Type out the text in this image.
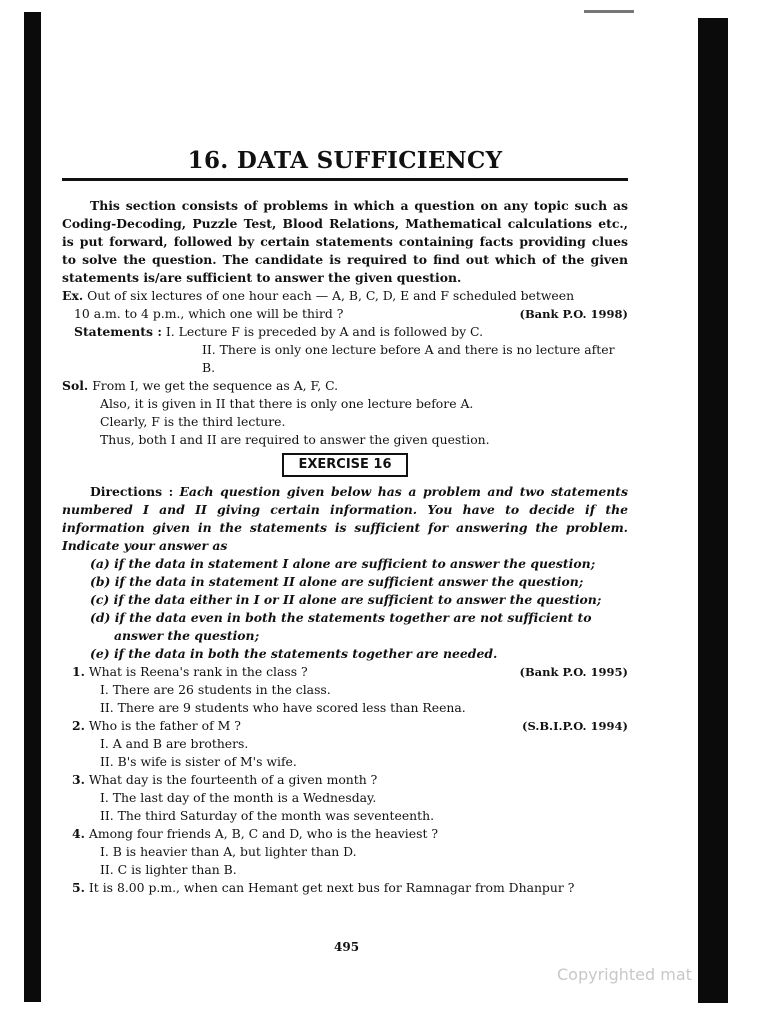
16. DATA SUFFICIENCY

This section consists of problems in which a question on any topic such as Coding-Decoding, Puzzle Test, Blood Relations, Mathematical calculations etc., is put forward, followed by certain statements containing facts providing clues to solve the question. The candidate is required to find out which of the given statements is/are sufficient to answer the given question.

Ex. Out of six lectures of one hour each — A, B, C, D, E and F scheduled between

10 a.m. to 4 p.m., which one will be third ?	(Bank P.O. 1998)

Statements : I. Lecture F is preceded by A and is followed by C.

II. There is only one lecture before A and there is no lecture after B.

Sol. From I, we get the sequence as A, F, C.

Also, it is given in II that there is only one lecture before A.

Clearly, F is the third lecture.

Thus, both I and II are required to answer the given question.

EXERCISE 16

Directions : Each question given below has a problem and two statements numbered I and II giving certain information. You have to decide if the information given in the statements is sufficient for answering the problem. Indicate your answer as

(a) if the data in statement I alone are sufficient to answer the question;

(b) if the data in statement II alone are sufficient answer the question;

(c) if the data either in I or II alone are sufficient to answer the question;

(d) if the data even in both the statements together are not sufficient to answer the question;

(e) if the data in both the statements together are needed.

1. What is Reena's rank in the class ?	(Bank P.O. 1995)

I. There are 26 students in the class.

II. There are 9 students who have scored less than Reena.

2. Who is the father of M ?	(S.B.I.P.O. 1994)

I. A and B are brothers.

II. B's wife is sister of M's wife.

3. What day is the fourteenth of a given month ?

I. The last day of the month is a Wednesday.

II. The third Saturday of the month was seventeenth.

4. Among four friends A, B, C and D, who is the heaviest ?

I. B is heavier than A, but lighter than D.

II. C is lighter than B.

5. It is 8.00 p.m., when can Hemant get next bus for Ramnagar from Dhanpur ?

495
Copyrighted mat
